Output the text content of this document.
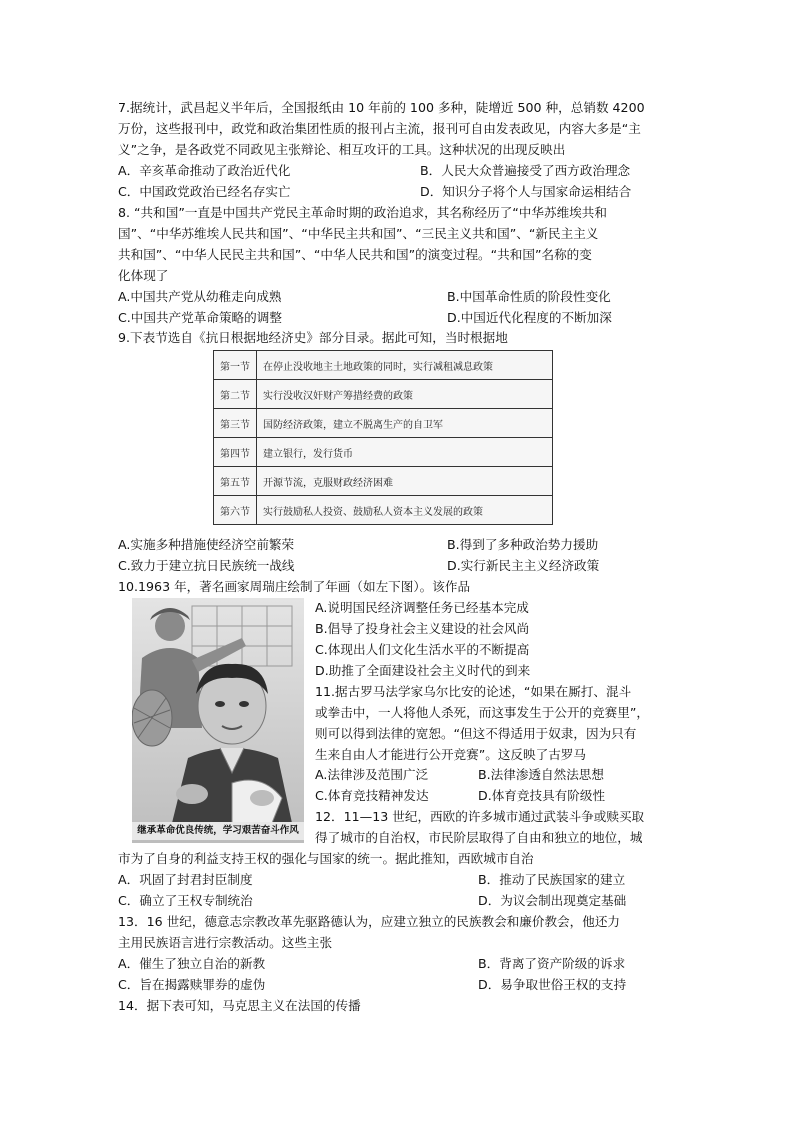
7.据统计，武昌起义半年后，全国报纸由 10 年前的 100 多种，陡增近 500 种，总销数 4200
万份，这些报刊中，政党和政治集团性质的报刊占主流，报刊可自由发表政见，内容大多是“主
义”之争，是各政党不同政见主张辩论、相互攻讦的工具。这种状况的出现反映出
A．辛亥革命推动了政治近代化	B．人民大众普遍接受了西方政治理念
C．中国政党政治已经名存实亡	D．知识分子将个人与国家命运相结合
8. “共和国”一直是中国共产党民主革命时期的政治追求，其名称经历了“中华苏维埃共和
国”、“中华苏维埃人民共和国”、“中华民主共和国”、“三民主义共和国”、“新民主主义
共和国”、“中华人民民主共和国”、“中华人民共和国”的演变过程。“共和国”名称的变
化体现了
A.中国共产党从幼稚走向成熟	B.中国革命性质的阶段性变化
C.中国共产党革命策略的调整	D.中国近代化程度的不断加深
9.下表节选自《抗日根据地经济史》部分目录。据此可知，当时根据地
第一节	在停止没收地主土地政策的同时，实行减租减息政策
第二节	实行没收汉奸财产筹措经费的政策
第三节	国防经济政策，建立不脱离生产的自卫军
第四节	建立银行，发行货币
第五节	开源节流，克服财政经济困难
第六节	实行鼓励私人投资、鼓励私人资本主义发展的政策
A.实施多种措施使经济空前繁荣	B.得到了多种政治势力援助
C.致力于建立抗日民族统一战线	D.实行新民主主义经济政策
10.1963 年，著名画家周瑞庄绘制了年画（如左下图）。该作品
继承革命优良传统，学习艰苦奋斗作风
A.说明国民经济调整任务已经基本完成
B.倡导了投身社会主义建设的社会风尚
C.体现出人们文化生活水平的不断提高
D.助推了全面建设社会主义时代的到来
11.据古罗马法学家乌尔比安的论述，“如果在厮打、混斗
或拳击中，一人将他人杀死，而这事发生于公开的竞赛里”，
则可以得到法律的宽恕。“但这不得适用于奴隶，因为只有
生来自由人才能进行公开竞赛”。这反映了古罗马
A.法律涉及范围广泛	B.法律渗透自然法思想
C.体育竞技精神发达	D.体育竞技具有阶级性
12．11—13 世纪，西欧的许多城市通过武装斗争或赎买取
得了城市的自治权，市民阶层取得了自由和独立的地位，城
市为了自身的利益支持王权的强化与国家的统一。据此推知，西欧城市自治
A．巩固了封君封臣制度	B．推动了民族国家的建立
C．确立了王权专制统治	D．为议会制出现奠定基础
13．16 世纪，德意志宗教改革先驱路德认为，应建立独立的民族教会和廉价教会，他还力
主用民族语言进行宗教活动。这些主张
A．催生了独立自治的新教	B．背离了资产阶级的诉求
C．旨在揭露赎罪券的虚伪	D．易争取世俗王权的支持
14．据下表可知，马克思主义在法国的传播
